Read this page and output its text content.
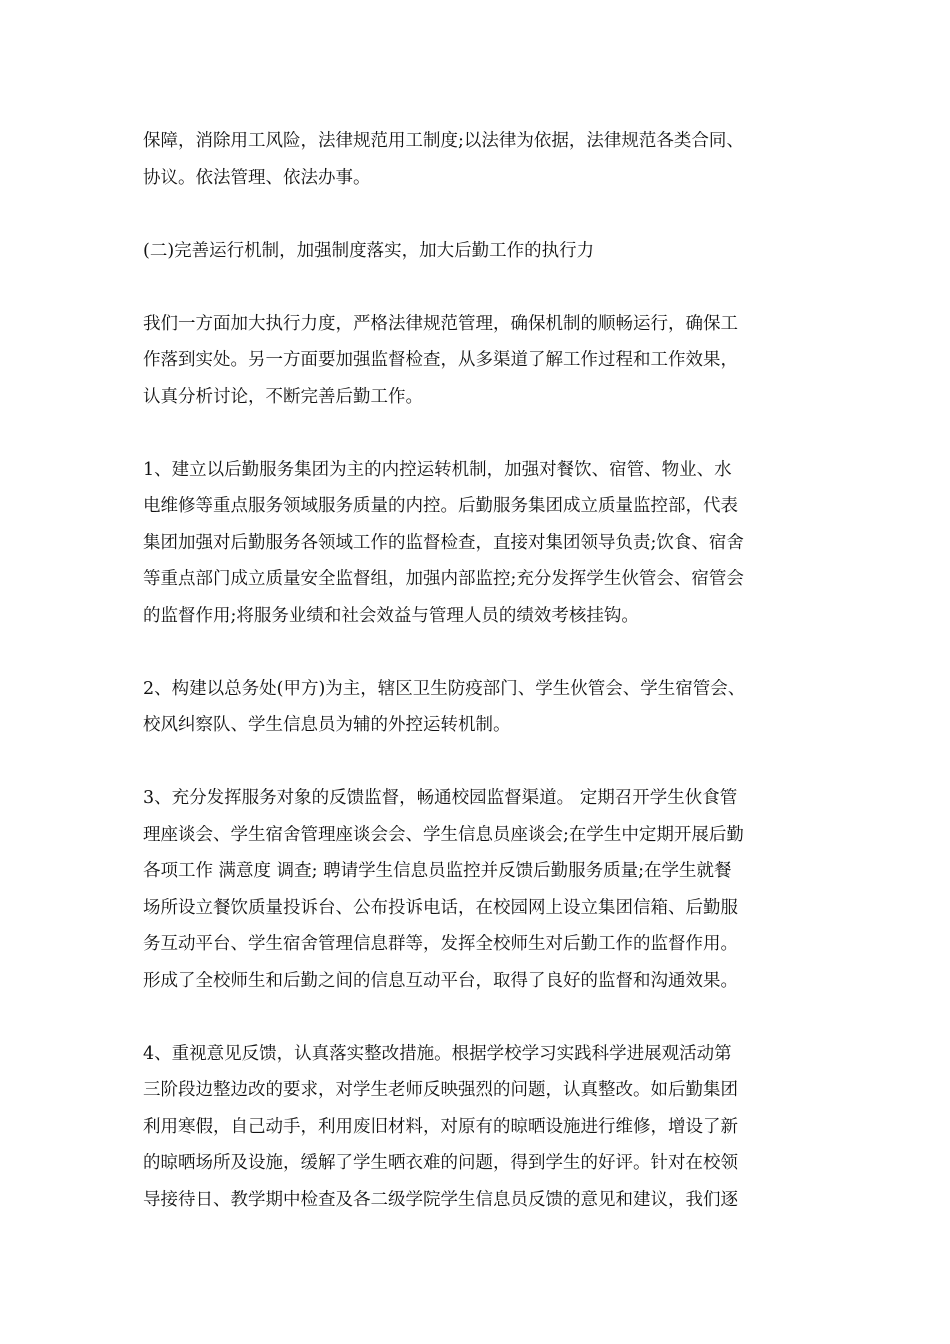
保障，消除用工风险，法律规范用工制度;以法律为依据，法律规范各类合同、
协议。依法管理、依法办事。
(二)完善运行机制，加强制度落实，加大后勤工作的执行力
我们一方面加大执行力度，严格法律规范管理，确保机制的顺畅运行，确保工
作落到实处。另一方面要加强监督检查，从多渠道了解工作过程和工作效果，
认真分析讨论，不断完善后勤工作。
1、建立以后勤服务集团为主的内控运转机制，加强对餐饮、宿管、物业、水
电维修等重点服务领域服务质量的内控。后勤服务集团成立质量监控部，代表
集团加强对后勤服务各领域工作的监督检查，直接对集团领导负责;饮食、宿舍
等重点部门成立质量安全监督组，加强内部监控;充分发挥学生伙管会、宿管会
的监督作用;将服务业绩和社会效益与管理人员的绩效考核挂钩。
2、构建以总务处(甲方)为主，辖区卫生防疫部门、学生伙管会、学生宿管会、
校风纠察队、学生信息员为辅的外控运转机制。
3、充分发挥服务对象的反馈监督，畅通校园监督渠道。 定期召开学生伙食管
理座谈会、学生宿舍管理座谈会会、学生信息员座谈会;在学生中定期开展后勤
各项工作 满意度 调查; 聘请学生信息员监控并反馈后勤服务质量;在学生就餐
场所设立餐饮质量投诉台、公布投诉电话，在校园网上设立集团信箱、后勤服
务互动平台、学生宿舍管理信息群等，发挥全校师生对后勤工作的监督作用。
形成了全校师生和后勤之间的信息互动平台，取得了良好的监督和沟通效果。
4、重视意见反馈，认真落实整改措施。根据学校学习实践科学进展观活动第
三阶段边整边改的要求，对学生老师反映强烈的问题，认真整改。如后勤集团
利用寒假，自己动手，利用废旧材料，对原有的晾晒设施进行维修，增设了新
的晾晒场所及设施，缓解了学生晒衣难的问题，得到学生的好评。针对在校领
导接待日、教学期中检查及各二级学院学生信息员反馈的意见和建议，我们逐
